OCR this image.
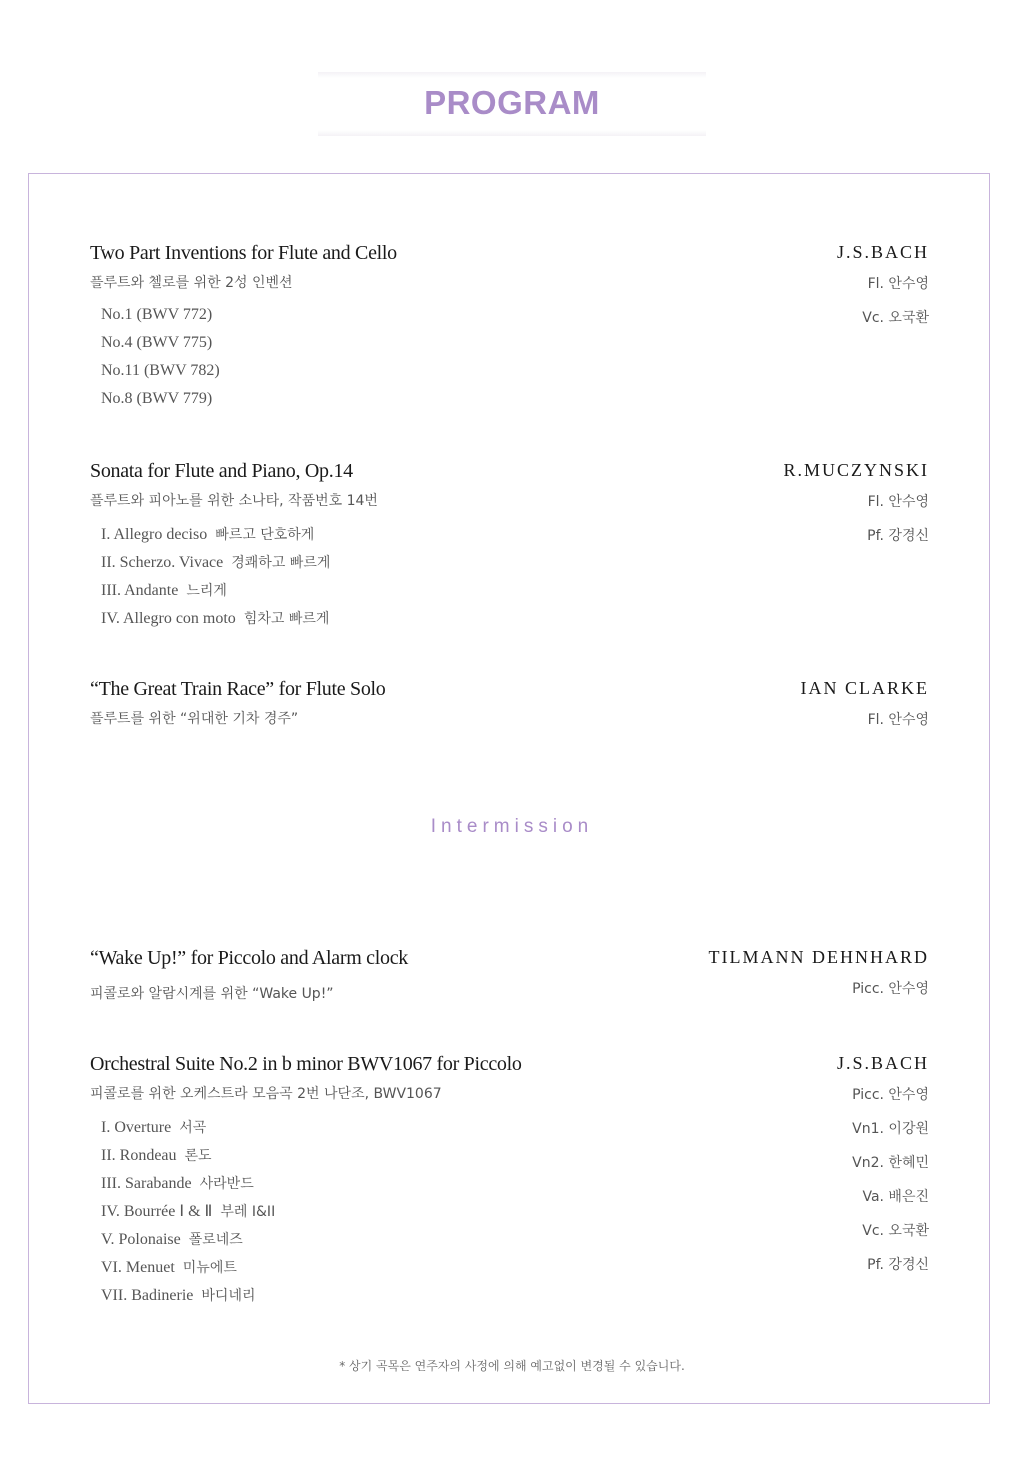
PROGRAM
Two Part Inventions for Flute and Cello
플루트와 첼로를 위한 2성 인벤션
J.S.BACH
Fl. 안수영
Vc. 오국환
No.1 (BWV 772)
No.4 (BWV 775)
No.11 (BWV 782)
No.8 (BWV 779)
Sonata for Flute and Piano, Op.14
플루트와 피아노를 위한 소나타, 작품번호 14번
R.MUCZYNSKI
Fl. 안수영
Pf. 강경신
I. Allegro deciso 빠르고 단호하게
II. Scherzo. Vivace 경쾌하고 빠르게
III. Andante 느리게
IV. Allegro con moto 힘차고 빠르게
“The Great Train Race” for Flute Solo
플루트를 위한 “위대한 기차 경주”
IAN CLARKE
Fl. 안수영
Intermission
“Wake Up!” for Piccolo and Alarm clock
피콜로와 알람시계를 위한 “Wake Up!”
TILMANN DEHNHARD
Picc. 안수영
Orchestral Suite No.2 in b minor BWV1067 for Piccolo
피콜로를 위한 오케스트라 모음곡 2번 나단조, BWV1067
J.S.BACH
Picc. 안수영
Vn1. 이강원
Vn2. 한혜민
Va. 배은진
Vc. 오국환
Pf. 강경신
I. Overture 서곡
II. Rondeau 론도
III. Sarabande 사라반드
IV. Bourrée Ⅰ & Ⅱ 부레 I&II
V. Polonaise 폴로네즈
VI. Menuet 미뉴에트
VII. Badinerie 바디네리
* 상기 곡목은 연주자의 사정에 의해 예고없이 변경될 수 있습니다.
